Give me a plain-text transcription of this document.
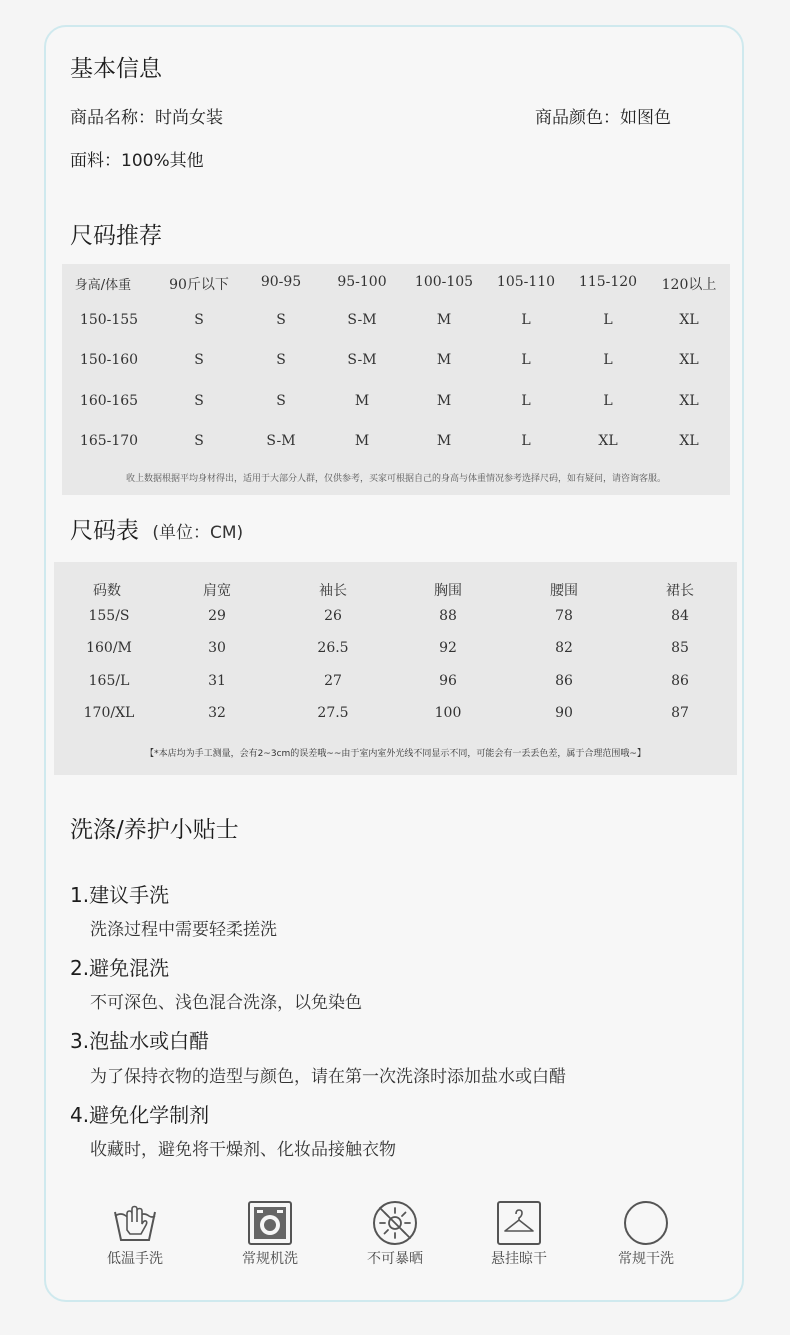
基本信息
商品名称：时尚女装	商品颜色：如图色
面料：100%其他
尺码推荐
身高/体重	90斤以下	90-95	95-100	100-105	105-110	115-120	120以上
150-155	S	S	S-M	M	L	L	XL
150-160	S	S	S-M	M	L	L	XL
160-165	S	S	M	M	L	L	XL
165-170	S	S-M	M	M	L	XL	XL
收上数据根据平均身材得出，适用于大部分人群，仅供参考，买家可根据自己的身高与体重情况参考选择尺码，如有疑问，请咨询客服。
尺码表 (单位：CM)
码数	肩宽	袖长	胸围	腰围	裙长
155/S	29	26	88	78	84
160/M	30	26.5	92	82	85
165/L	31	27	96	86	86
170/XL	32	27.5	100	90	87
【*本店均为手工测量，会有2~3cm的误差哦~~由于室内室外光线不同显示不同，可能会有一丢丢色差，属于合理范围哦~】
洗涤/养护小贴士
1.建议手洗
洗涤过程中需要轻柔搓洗
2.避免混洗
不可深色、浅色混合洗涤，以免染色
3.泡盐水或白醋
为了保持衣物的造型与颜色，请在第一次洗涤时添加盐水或白醋
4.避免化学制剂
收藏时，避免将干燥剂、化妆品接触衣物
低温手洗	常规机洗	不可暴晒	悬挂晾干	常规干洗
